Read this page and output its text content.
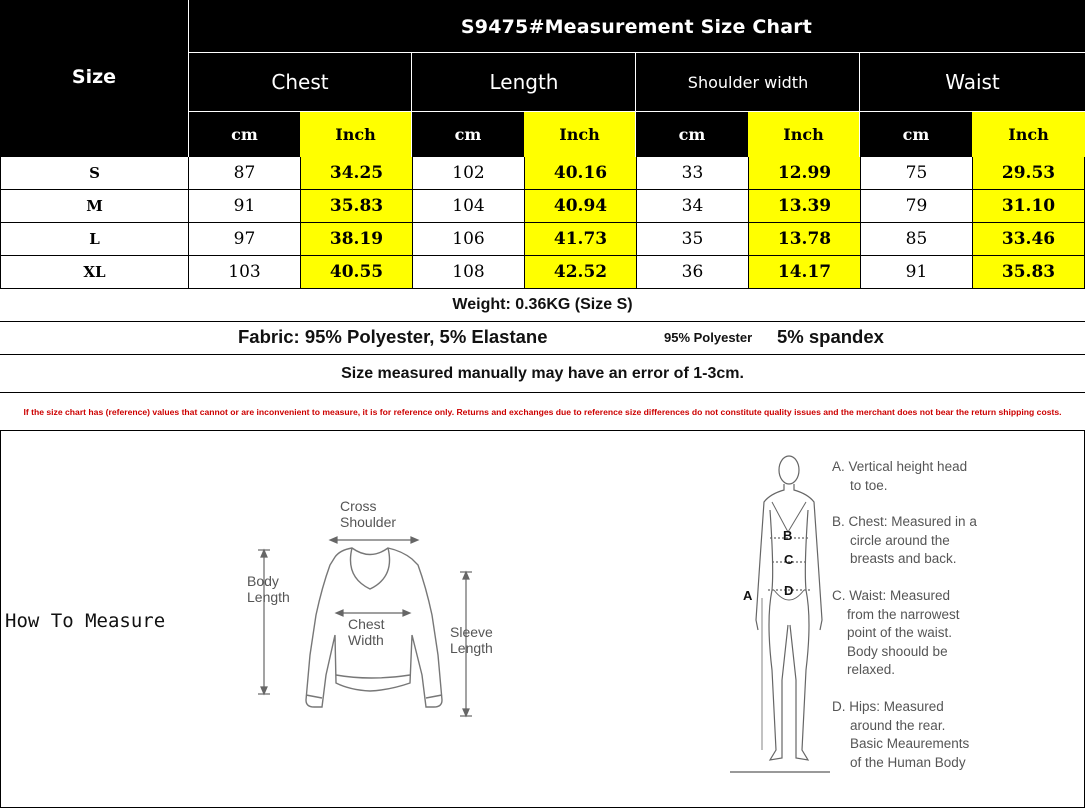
Size
S9475#Measurement Size Chart
Chest	Length	Shoulder width	Waist
cm	Inch	cm	Inch	cm	Inch	cm	Inch
S	87	34.25	102	40.16	33	12.99	75	29.53
M	91	35.83	104	40.94	34	13.39	79	31.10
L	97	38.19	106	41.73	35	13.78	85	33.46
XL	103	40.55	108	42.52	36	14.17	91	35.83
Weight: 0.36KG (Size S)
Fabric: 95% Polyester, 5% Elastane	95% Polyester 5% spandex
Size measured manually may have an error of 1-3cm.
If the size chart has (reference) values that cannot or are inconvenient to measure, it is for reference only. Returns and exchanges due to reference size differences do not constitute quality issues and the merchant does not bear the return shipping costs.
How To Measure
Cross
Shoulder
Body
Length
Chest
Width	Sleeve
Length
B
C
D
A
A. Vertical height head
to toe.
B. Chest: Measured in a
circle around the
breasts and back.
C. Waist: Measured
from the narrowest
point of the waist.
Body shoould be
relaxed.
D. Hips: Measured
around the rear.
Basic Meaurements
of the Human Body
